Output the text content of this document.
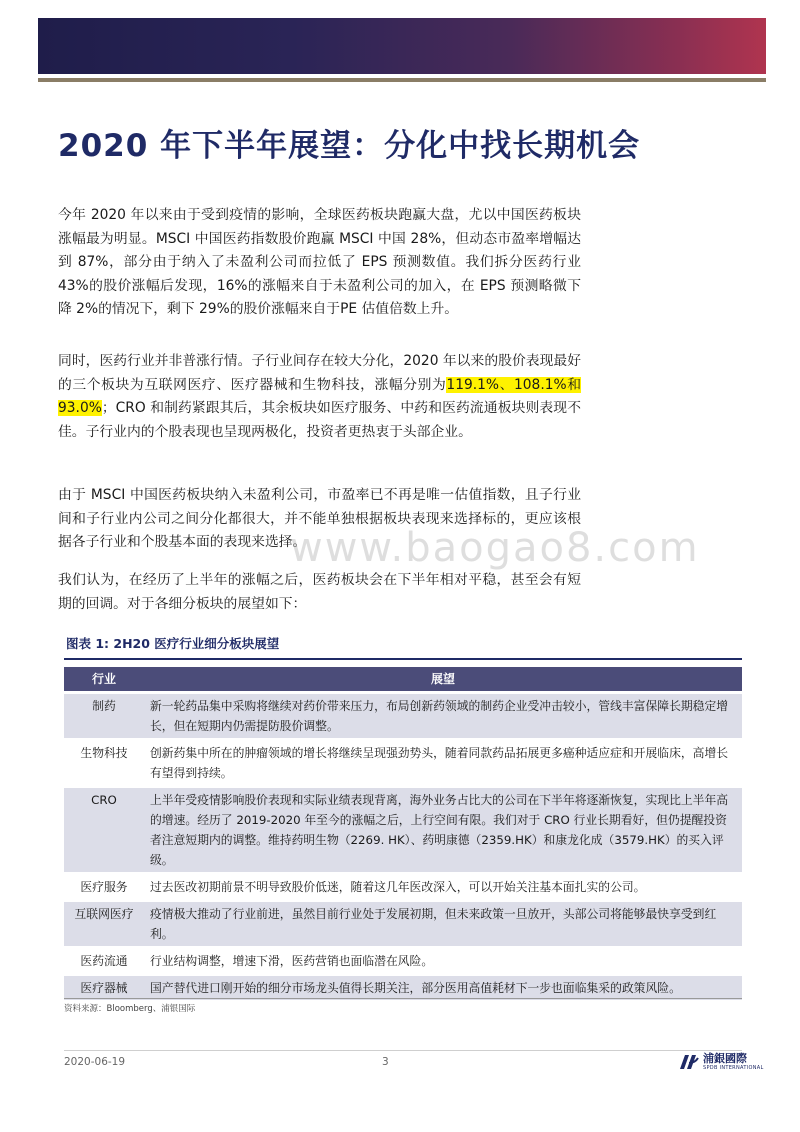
2020 年下半年展望：分化中找长期机会

今年 2020 年以来由于受到疫情的影响，全球医药板块跑赢大盘，尤以中国医药板块涨幅最为明显。MSCI 中国医药指数股价跑赢 MSCI 中国 28%，但动态市盈率增幅达到 87%，部分由于纳入了未盈利公司而拉低了 EPS 预测数值。我们拆分医药行业 43%的股价涨幅后发现，16%的涨幅来自于未盈利公司的加入，在 EPS 预测略微下降 2%的情况下，剩下 29%的股价涨幅来自于PE 估值倍数上升。

同时，医药行业并非普涨行情。子行业间存在较大分化，2020 年以来的股价表现最好的三个板块为互联网医疗、医疗器械和生物科技，涨幅分别为119.1%、108.1%和 93.0%；CRO 和制药紧跟其后，其余板块如医疗服务、中药和医药流通板块则表现不佳。子行业内的个股表现也呈现两极化，投资者更热衷于头部企业。

由于 MSCI 中国医药板块纳入未盈利公司，市盈率已不再是唯一估值指数，且子行业间和子行业内公司之间分化都很大，并不能单独根据板块表现来选择标的，更应该根据各子行业和个股基本面的表现来选择。

www.baogao8.com

我们认为，在经历了上半年的涨幅之后，医药板块会在下半年相对平稳，甚至会有短期的回调。对于各细分板块的展望如下：

图表 1: 2H20 医疗行业细分板块展望

行业	展望
制药	新一轮药品集中采购将继续对药价带来压力，布局创新药领域的制药企业受冲击较小，管线丰富保障长期稳定增长，但在短期内仍需提防股价调整。
生物科技	创新药集中所在的肿瘤领域的增长将继续呈现强劲势头，随着同款药品拓展更多癌种适应症和开展临床，高增长有望得到持续。
CRO	上半年受疫情影响股价表现和实际业绩表现背离，海外业务占比大的公司在下半年将逐渐恢复，实现比上半年高的增速。经历了 2019-2020 年至今的涨幅之后，上行空间有限。我们对于 CRO 行业长期看好，但仍提醒投资者注意短期内的调整。维持药明生物（2269. HK）、药明康德（2359.HK）和康龙化成（3579.HK）的买入评级。
医疗服务	过去医改初期前景不明导致股价低迷，随着这几年医改深入，可以开始关注基本面扎实的公司。
互联网医疗	疫情极大推动了行业前进，虽然目前行业处于发展初期，但未来政策一旦放开，头部公司将能够最快享受到红利。
医药流通	行业结构调整，增速下滑，医药营销也面临潜在风险。
医疗器械	国产替代进口刚开始的细分市场龙头值得长期关注，部分医用高值耗材下一步也面临集采的政策风险。

资料来源：Bloomberg、浦银国际

2020-06-19	3	浦銀國際
SPDB INTERNATIONAL
